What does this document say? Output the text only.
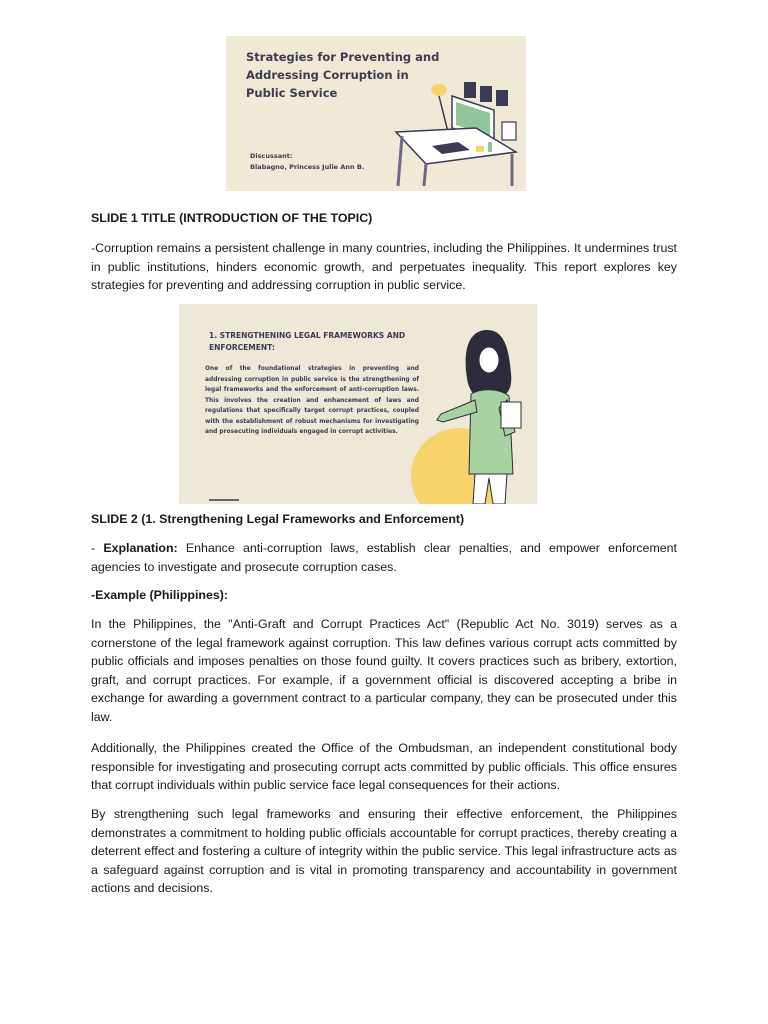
Strategies for Preventing and Addressing Corruption in Public Service
Discussant:
Blabagno, Princess Julie Ann B.

SLIDE 1 TITLE (INTRODUCTION OF THE TOPIC)

-Corruption remains a persistent challenge in many countries, including the Philippines. It undermines trust in public institutions, hinders economic growth, and perpetuates inequality. This report explores key strategies for preventing and addressing corruption in public service.

1. STRENGTHENING LEGAL FRAMEWORKS AND ENFORCEMENT:
One of the foundational strategies in preventing and addressing corruption in public service is the strengthening of legal frameworks and the enforcement of anti-corruption laws. This involves the creation and enhancement of laws and regulations that specifically target corrupt practices, coupled with the establishment of robust mechanisms for investigating and prosecuting individuals engaged in corrupt activities.

SLIDE 2 (1. Strengthening Legal Frameworks and Enforcement)

- Explanation: Enhance anti-corruption laws, establish clear penalties, and empower enforcement agencies to investigate and prosecute corruption cases.

-Example (Philippines):

In the Philippines, the "Anti-Graft and Corrupt Practices Act" (Republic Act No. 3019) serves as a cornerstone of the legal framework against corruption. This law defines various corrupt acts committed by public officials and imposes penalties on those found guilty. It covers practices such as bribery, extortion, graft, and corrupt practices. For example, if a government official is discovered accepting a bribe in exchange for awarding a government contract to a particular company, they can be prosecuted under this law.

Additionally, the Philippines created the Office of the Ombudsman, an independent constitutional body responsible for investigating and prosecuting corrupt acts committed by public officials. This office ensures that corrupt individuals within public service face legal consequences for their actions.

By strengthening such legal frameworks and ensuring their effective enforcement, the Philippines demonstrates a commitment to holding public officials accountable for corrupt practices, thereby creating a deterrent effect and fostering a culture of integrity within the public service. This legal infrastructure acts as a safeguard against corruption and is vital in promoting transparency and accountability in government actions and decisions.
